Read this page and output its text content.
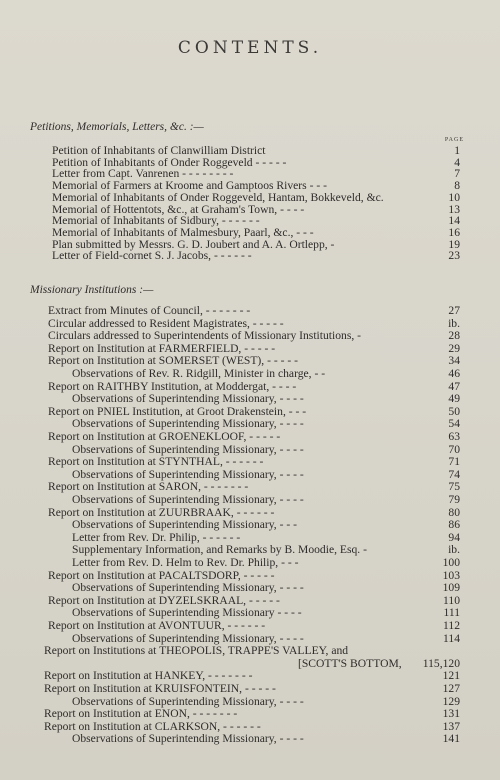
CONTENTS.
Petitions, Memorials, Letters, &c. :—
PAGE
Petition of Inhabitants of Clanwilliam District	1
Petition of Inhabitants of Onder Roggeveld - - - - -	4
Letter from Capt. Vanrenen - - - - - - - -	7
Memorial of Farmers at Kroome and Gamptoos Rivers - - -	8
Memorial of Inhabitants of Onder Roggeveld, Hantam, Bokkeveld, &c.	10
Memorial of Hottentots, &c., at Graham's Town, - - - -	13
Memorial of Inhabitants of Sidbury, - - - - - -	14
Memorial of Inhabitants of Malmesbury, Paarl, &c., - - -	16
Plan submitted by Messrs. G. D. Joubert and A. A. Ortlepp, -	19
Letter of Field-cornet S. J. Jacobs, - - - - - -	23
Missionary Institutions :—
Extract from Minutes of Council, - - - - - - -	27
Circular addressed to Resident Magistrates, - - - - -	ib.
Circulars addressed to Superintendents of Missionary Institutions, -	28
Report on Institution at FARMERFIELD, - - - - -	29
Report on Institution at SOMERSET (WEST), - - - - -	34
Observations of Rev. R. Ridgill, Minister in charge, - -	46
Report on RAITHBY Institution, at Moddergat, - - - -	47
Observations of Superintending Missionary, - - - -	49
Report on PNIEL Institution, at Groot Drakenstein, - - -	50
Observations of Superintending Missionary, - - - -	54
Report on Institution at GROENEKLOOF, - - - - -	63
Observations of Superintending Missionary, - - - -	70
Report on Institution at STYNTHAL, - - - - - -	71
Observations of Superintending Missionary, - - - -	74
Report on Institution at SARON, - - - - - - -	75
Observations of Superintending Missionary, - - - -	79
Report on Institution at ZUURBRAAK, - - - - - -	80
Observations of Superintending Missionary, - - -	86
Letter from Rev. Dr. Philip, - - - - - -	94
Supplementary Information, and Remarks by B. Moodie, Esq. -	ib.
Letter from Rev. D. Helm to Rev. Dr. Philip, - - -	100
Report on Institution at PACALTSDORP, - - - - -	103
Observations of Superintending Missionary, - - - -	109
Report on Institution at DYZELSKRAAL, - - - - -	110
Observations of Superintending Missionary - - - -	111
Report on Institution at AVONTUUR, - - - - - -	112
Observations of Superintending Missionary, - - - -	114
Report on Institutions at THEOPOLIS, TRAPPE'S VALLEY, and
[SCOTT'S BOTTOM, 115,120
Report on Institution at HANKEY, - - - - - - -	121
Report on Institution at KRUISFONTEIN, - - - - -	127
Observations of Superintending Missionary, - - - -	129
Report on Institution at ENON, - - - - - - -	131
Report on Institution at CLARKSON, - - - - - -	137
Observations of Superintending Missionary, - - - -	141
